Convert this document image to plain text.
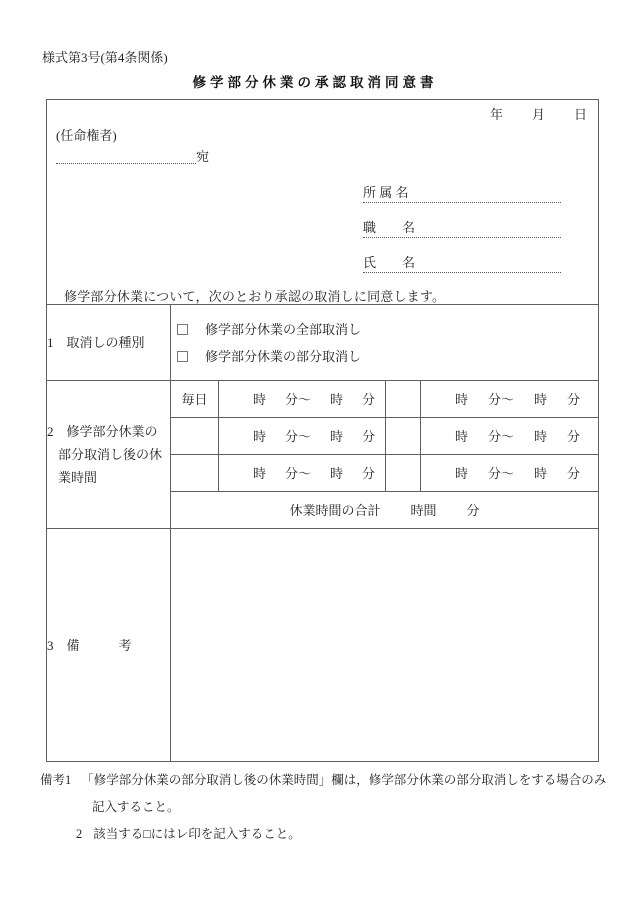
様式第3号(第4条関係)
修学部分休業の承認取消同意書
年　　月　　日
(任命権者)
宛
所 属 名
職　　名
氏　　名
修学部分休業について，次のとおり承認の取消しに同意します。

1　取消しの種別	修学部分休業の全部取消し
修学部分休業の部分取消し			

2　修学部分休業の
部分取消し後の休
業時間
	毎日	時 分～ 時 分		時 分～ 時 分

		時 分～ 時 分		時 分～ 時 分

		時 分～ 時 分		時 分～ 時 分

	休業時間の合計 時間 分			

3　備　　　考				
備考1 「修学部分休業の部分取消し後の休業時間」欄は，修学部分休業の部分取消しをする場合のみ
記入すること。
2 該当する□にはレ印を記入すること。
